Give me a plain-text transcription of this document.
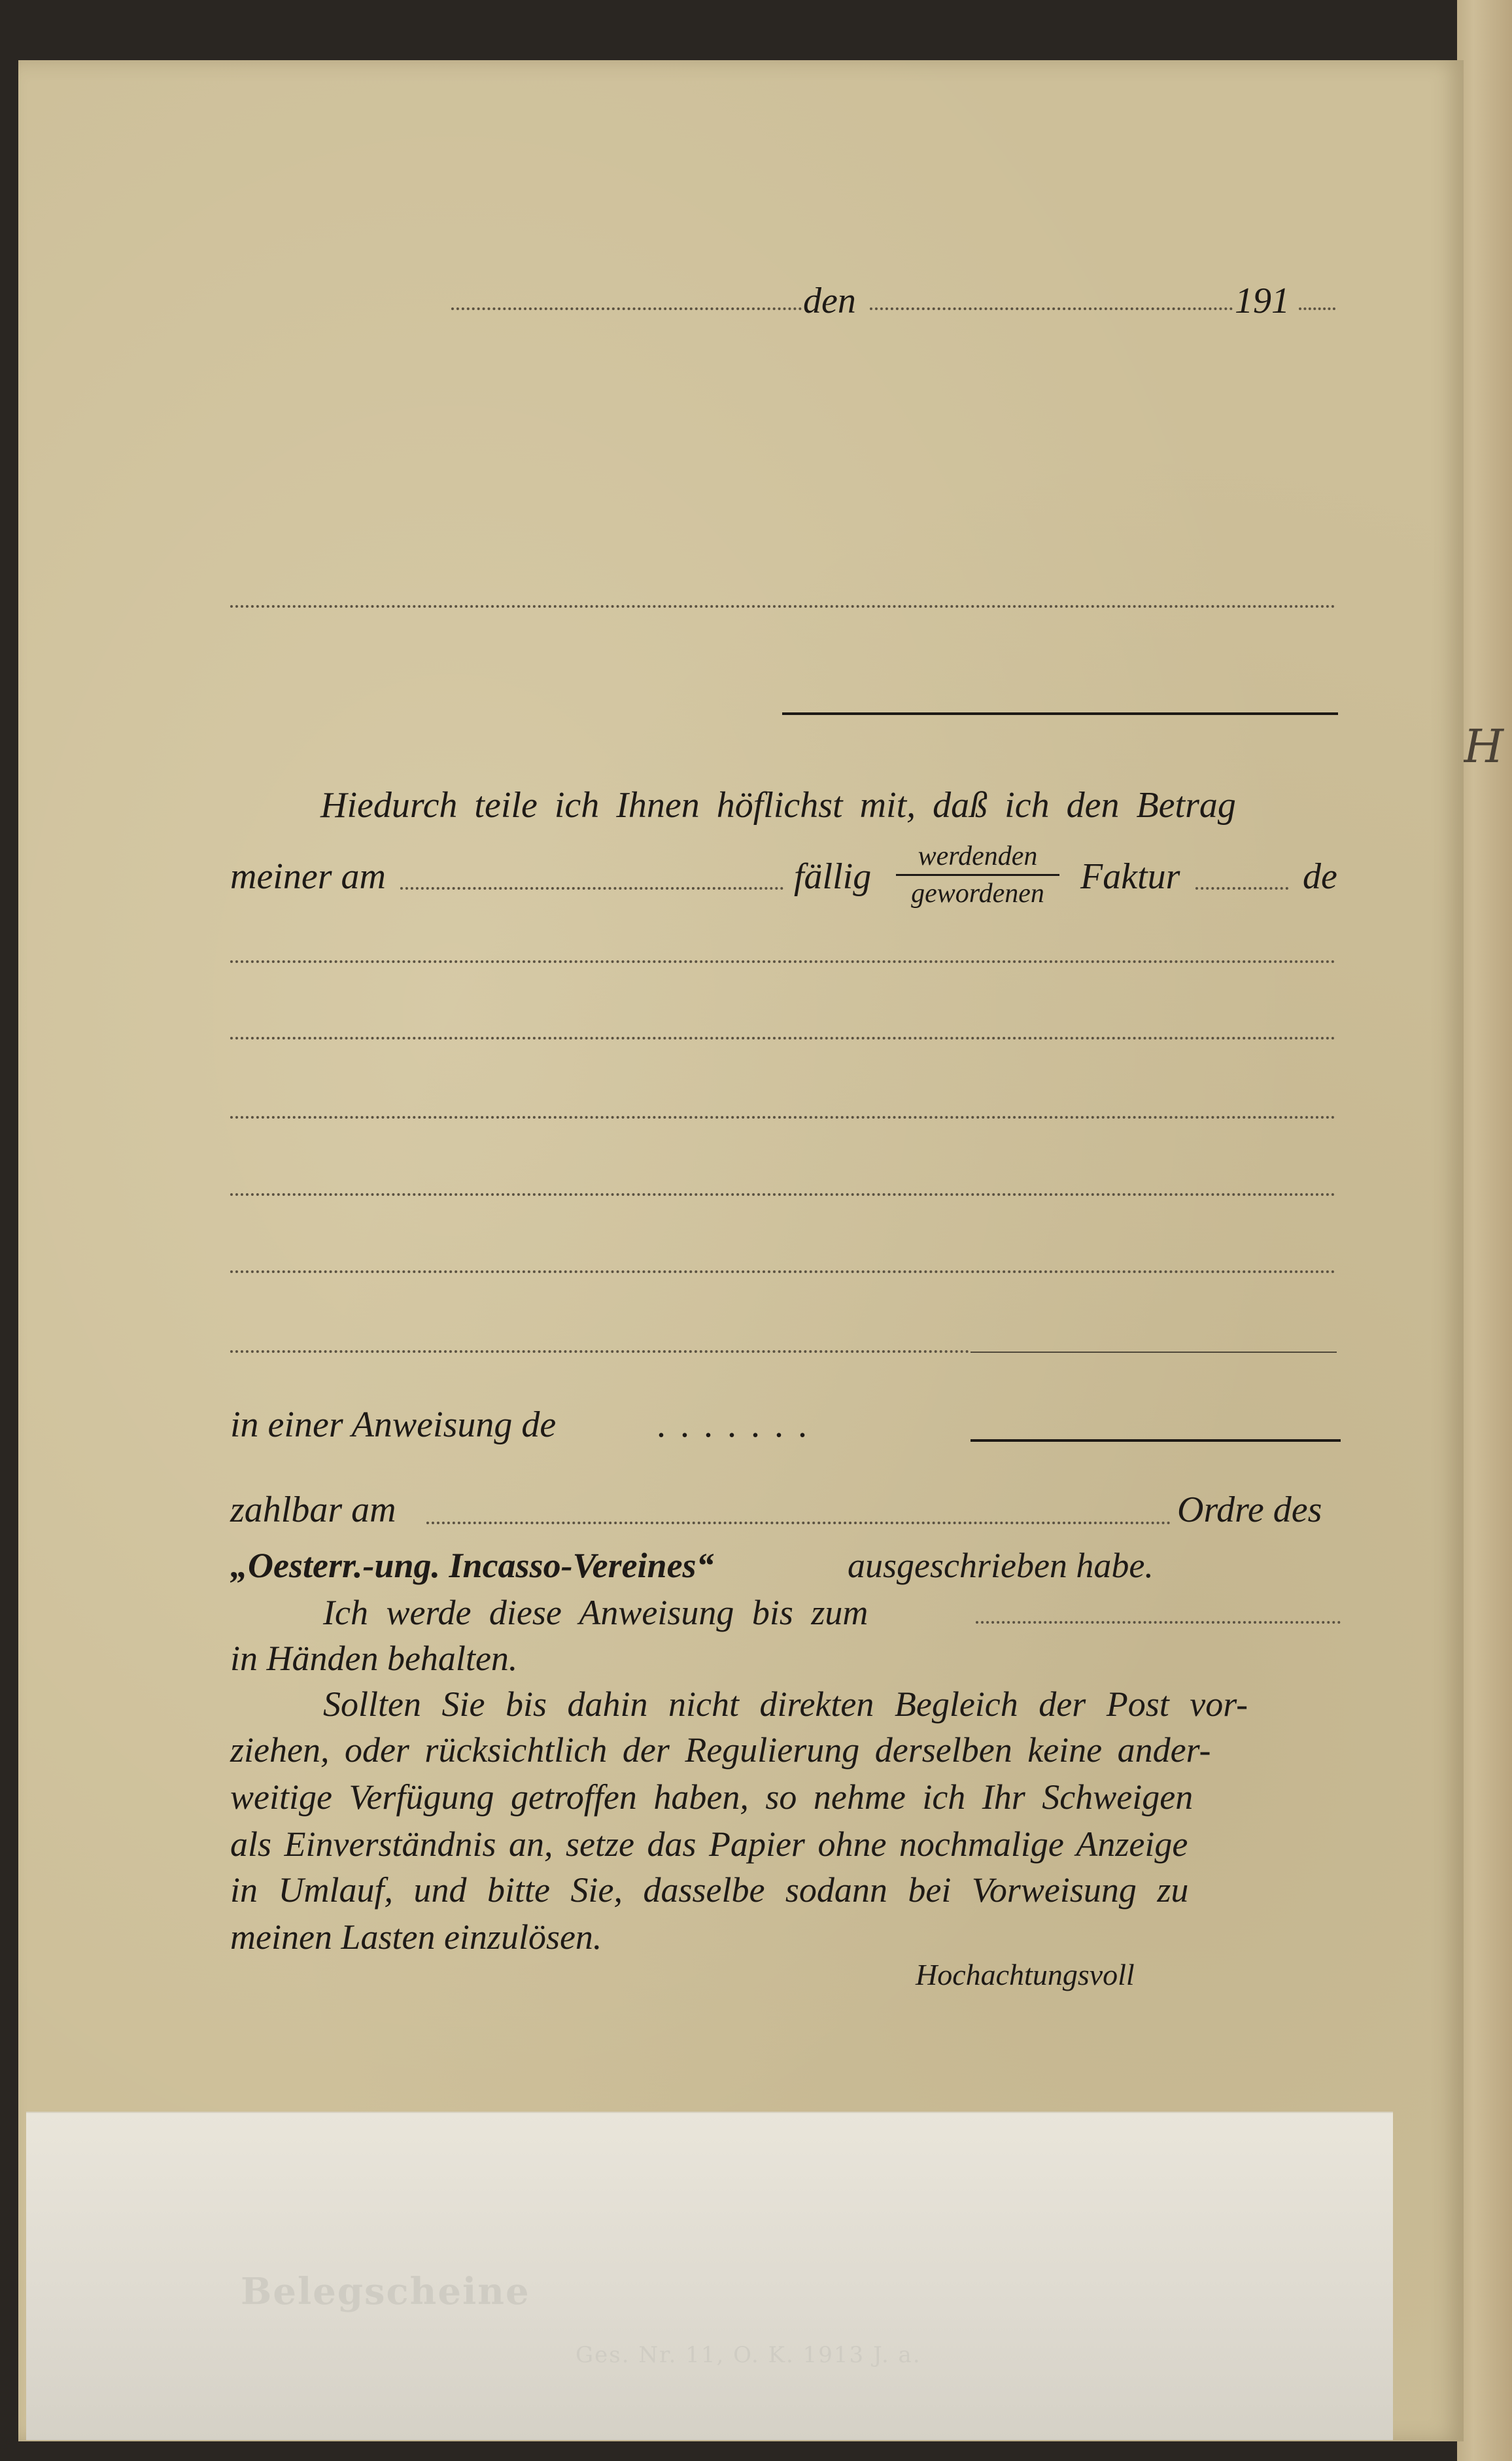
H
den	191
Hiedurch teile ich Ihnen höflichst mit, daß ich den Betrag
meiner am	fällig	werdenden
gewordenen Faktur	de
in einer Anweisung de	. . . . . . .
zahlbar am	Ordre des
„Oesterr.-ung. Incasso-Vereines“	ausgeschrieben habe.
Ich werde diese Anweisung bis zum
in Händen behalten.
Sollten Sie bis dahin nicht direkten Begleich der Post vor-
ziehen, oder rücksichtlich der Regulierung derselben keine ander-
weitige Verfügung getroffen haben, so nehme ich Ihr Schweigen
als Einverständnis an, setze das Papier ohne nochmalige Anzeige
in Umlauf, und bitte Sie, dasselbe sodann bei Vorweisung zu
meinen Lasten einzulösen.
Hochachtungsvoll
Belegscheine
Ges. Nr. 11, O. K. 1913 J. a.
